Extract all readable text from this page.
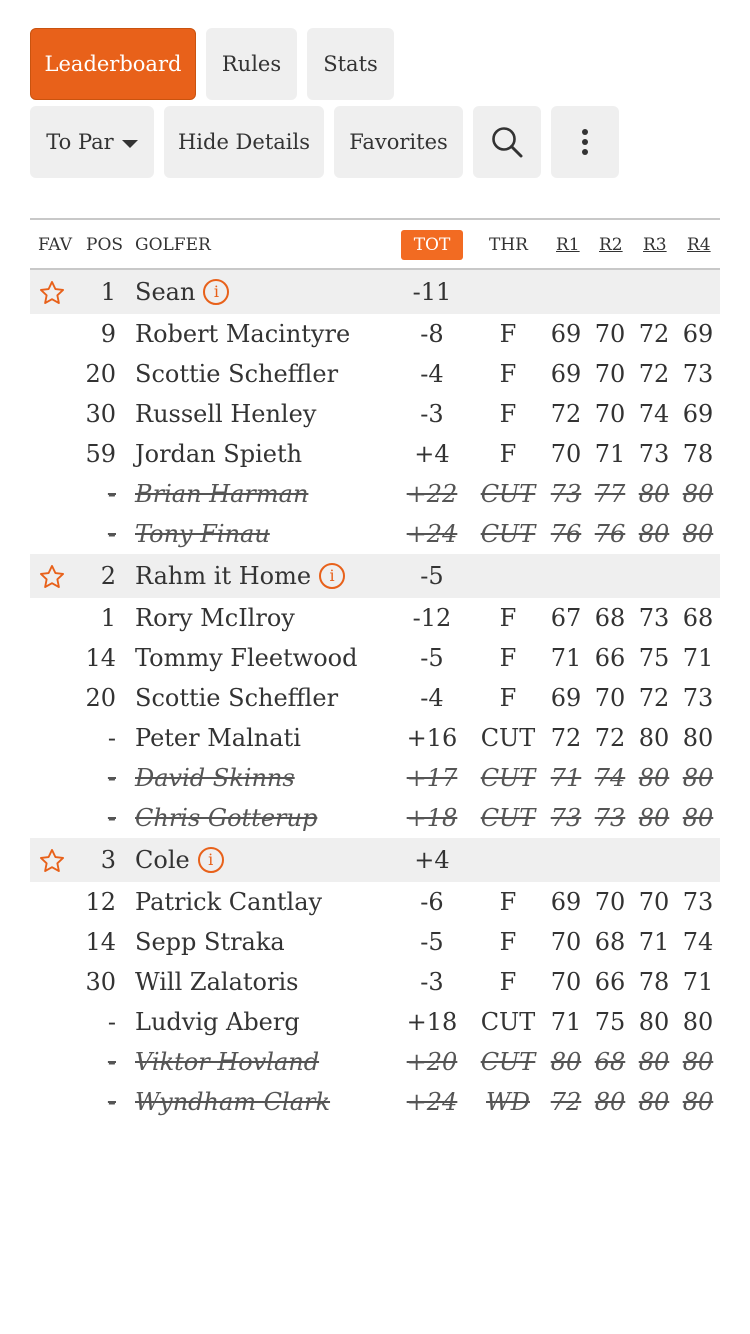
Leaderboard Rules Stats
To Par	Hide Details Favorites
FAV POS GOLFER	TOT	THR R1 R2 R3 R4
1 Sean i	-11
9 Robert Macintyre	-8	F	69 70 72 69
20 Scottie Scheffler	-4	F	69 70 72 73
30 Russell Henley	-3	F	72 70 74 69
59 Jordan Spieth	+4	F	70 71 73 78
- Brian Harman	+22 CUT 73 77 80 80
- Tony Finau	+24 CUT 76 76 80 80
2 Rahm it Home i	-5
1 Rory McIlroy	-12	F	67 68 73 68
14 Tommy Fleetwood	-5	F	71 66 75 71
20 Scottie Scheffler	-4	F	69 70 72 73
- Peter Malnati	+16 CUT 72 72 80 80
- David Skinns	+17 CUT 71 74 80 80
- Chris Gotterup	+18 CUT 73 73 80 80
3 Cole i	+4
12 Patrick Cantlay	-6	F	69 70 70 73
14 Sepp Straka	-5	F	70 68 71 74
30 Will Zalatoris	-3	F	70 66 78 71
- Ludvig Aberg	+18 CUT 71 75 80 80
- Viktor Hovland	+20 CUT 80 68 80 80
- Wyndham Clark	+24	WD 72 80 80 80
